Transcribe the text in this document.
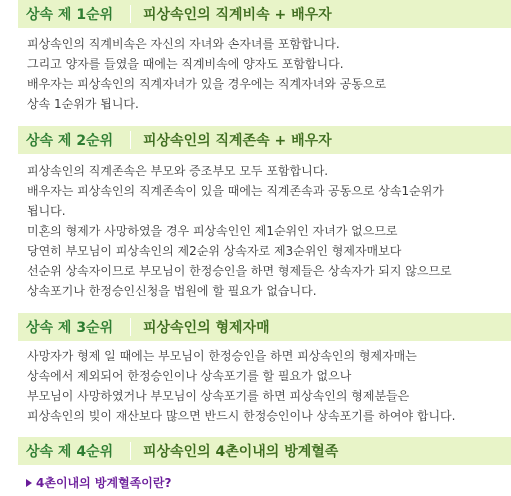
상속 제 1순위	피상속인의 직계비속 + 배우자
피상속인의 직계비속은 자신의 자녀와 손자녀를 포함합니다.
그리고 양자를 들였을 때에는 직계비속에 양자도 포함합니다.
배우자는 피상속인의 직계자녀가 있을 경우에는 직계자녀와 공동으로
상속 1순위가 됩니다.
상속 제 2순위	피상속인의 직계존속 + 배우자
피상속인의 직계존속은 부모와 증조부모 모두 포함합니다.
배우자는 피상속인의 직계존속이 있을 때에는 직계존속과 공동으로 상속1순위가
됩니다.
미혼의 형제가 사망하였을 경우 피상속인인 제1순위인 자녀가 없으므로
당연히 부모님이 피상속인의 제2순위 상속자로 제3순위인 형제자매보다
선순위 상속자이므로 부모님이 한정승인을 하면 형제들은 상속자가 되지 않으므로
상속포기나 한정승인신청을 법원에 할 필요가 없습니다.
상속 제 3순위	피상속인의 형제자매
사망자가 형제 일 때에는 부모님이 한정승인을 하면 피상속인의 형제자매는
상속에서 제외되어 한정승인이나 상속포기를 할 필요가 없으나
부모님이 사망하였거나 부모님이 상속포기를 하면 피상속인의 형제분들은
피상속인의 빚이 재산보다 많으면 반드시 한정승인이나 상속포기를 하여야 합니다.
상속 제 4순위	피상속인의 4촌이내의 방계혈족
4촌이내의 방계혈족이란?
